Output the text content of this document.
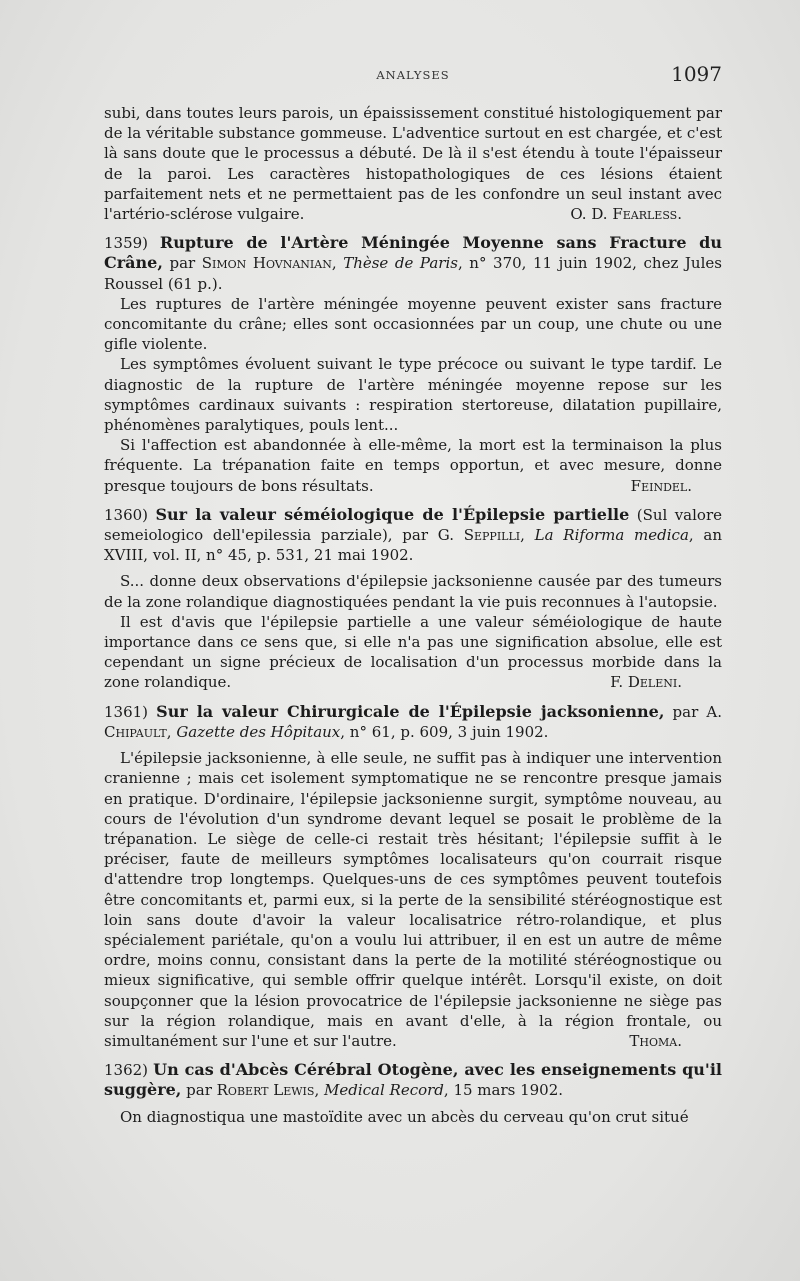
ANALYSES	1097

subi, dans toutes leurs parois, un épaississement constitué histologiquement par de la véritable substance gommeuse. L'adventice surtout en est chargée, et c'est là sans doute que le processus a débuté. De là il s'est étendu à toute l'épaisseur de la paroi. Les caractères histopathologiques de ces lésions étaient parfaitement nets et ne permettaient pas de les confondre un seul instant avec l'artério-sclérose vulgaire.	O. D. Fearless.

1359) Rupture de l'Artère Méningée Moyenne sans Fracture du Crâne, par Simon Hovnanian, Thèse de Paris, n° 370, 11 juin 1902, chez Jules Roussel (61 p.).

Les ruptures de l'artère méningée moyenne peuvent exister sans fracture concomitante du crâne; elles sont occasionnées par un coup, une chute ou une gifle violente.

Les symptômes évoluent suivant le type précoce ou suivant le type tardif. Le diagnostic de la rupture de l'artère méningée moyenne repose sur les symptômes cardinaux suivants : respiration stertoreuse, dilatation pupillaire, phénomènes paralytiques, pouls lent...

Si l'affection est abandonnée à elle-même, la mort est la terminaison la plus fréquente. La trépanation faite en temps opportun, et avec mesure, donne presque toujours de bons résultats.	Feindel.

1360) Sur la valeur séméiologique de l'Épilepsie partielle (Sul valore semeiologico dell'epilessia parziale), par G. Seppilli, La Riforma medica, an XVIII, vol. II, n° 45, p. 531, 21 mai 1902.

S... donne deux observations d'épilepsie jacksonienne causée par des tumeurs de la zone rolandique diagnostiquées pendant la vie puis reconnues à l'autopsie.

Il est d'avis que l'épilepsie partielle a une valeur séméiologique de haute importance dans ce sens que, si elle n'a pas une signification absolue, elle est cependant un signe précieux de localisation d'un processus morbide dans la zone rolandique.	F. Deleni.

1361) Sur la valeur Chirurgicale de l'Épilepsie jacksonienne, par A. Chipault, Gazette des Hôpitaux, n° 61, p. 609, 3 juin 1902.

L'épilepsie jacksonienne, à elle seule, ne suffit pas à indiquer une intervention cranienne ; mais cet isolement symptomatique ne se rencontre presque jamais en pratique. D'ordinaire, l'épilepsie jacksonienne surgit, symptôme nouveau, au cours de l'évolution d'un syndrome devant lequel se posait le problème de la trépanation. Le siège de celle-ci restait très hésitant; l'épilepsie suffit à le préciser, faute de meilleurs symptômes localisateurs qu'on courrait risque d'attendre trop longtemps. Quelques-uns de ces symptômes peuvent toutefois être concomitants et, parmi eux, si la perte de la sensibilité stéréognostique est loin sans doute d'avoir la valeur localisatrice rétro-rolandique, et plus spécialement pariétale, qu'on a voulu lui attribuer, il en est un autre de même ordre, moins connu, consistant dans la perte de la motilité stéréognostique ou mieux significative, qui semble offrir quelque intérêt. Lorsqu'il existe, on doit soupçonner que la lésion provocatrice de l'épilepsie jacksonienne ne siège pas sur la région rolandique, mais en avant d'elle, à la région frontale, ou simultanément sur l'une et sur l'autre.	Thoma.

1362) Un cas d'Abcès Cérébral Otogène, avec les enseignements qu'il suggère, par Robert Lewis, Medical Record, 15 mars 1902.

On diagnostiqua une mastoïdite avec un abcès du cerveau qu'on crut situé
